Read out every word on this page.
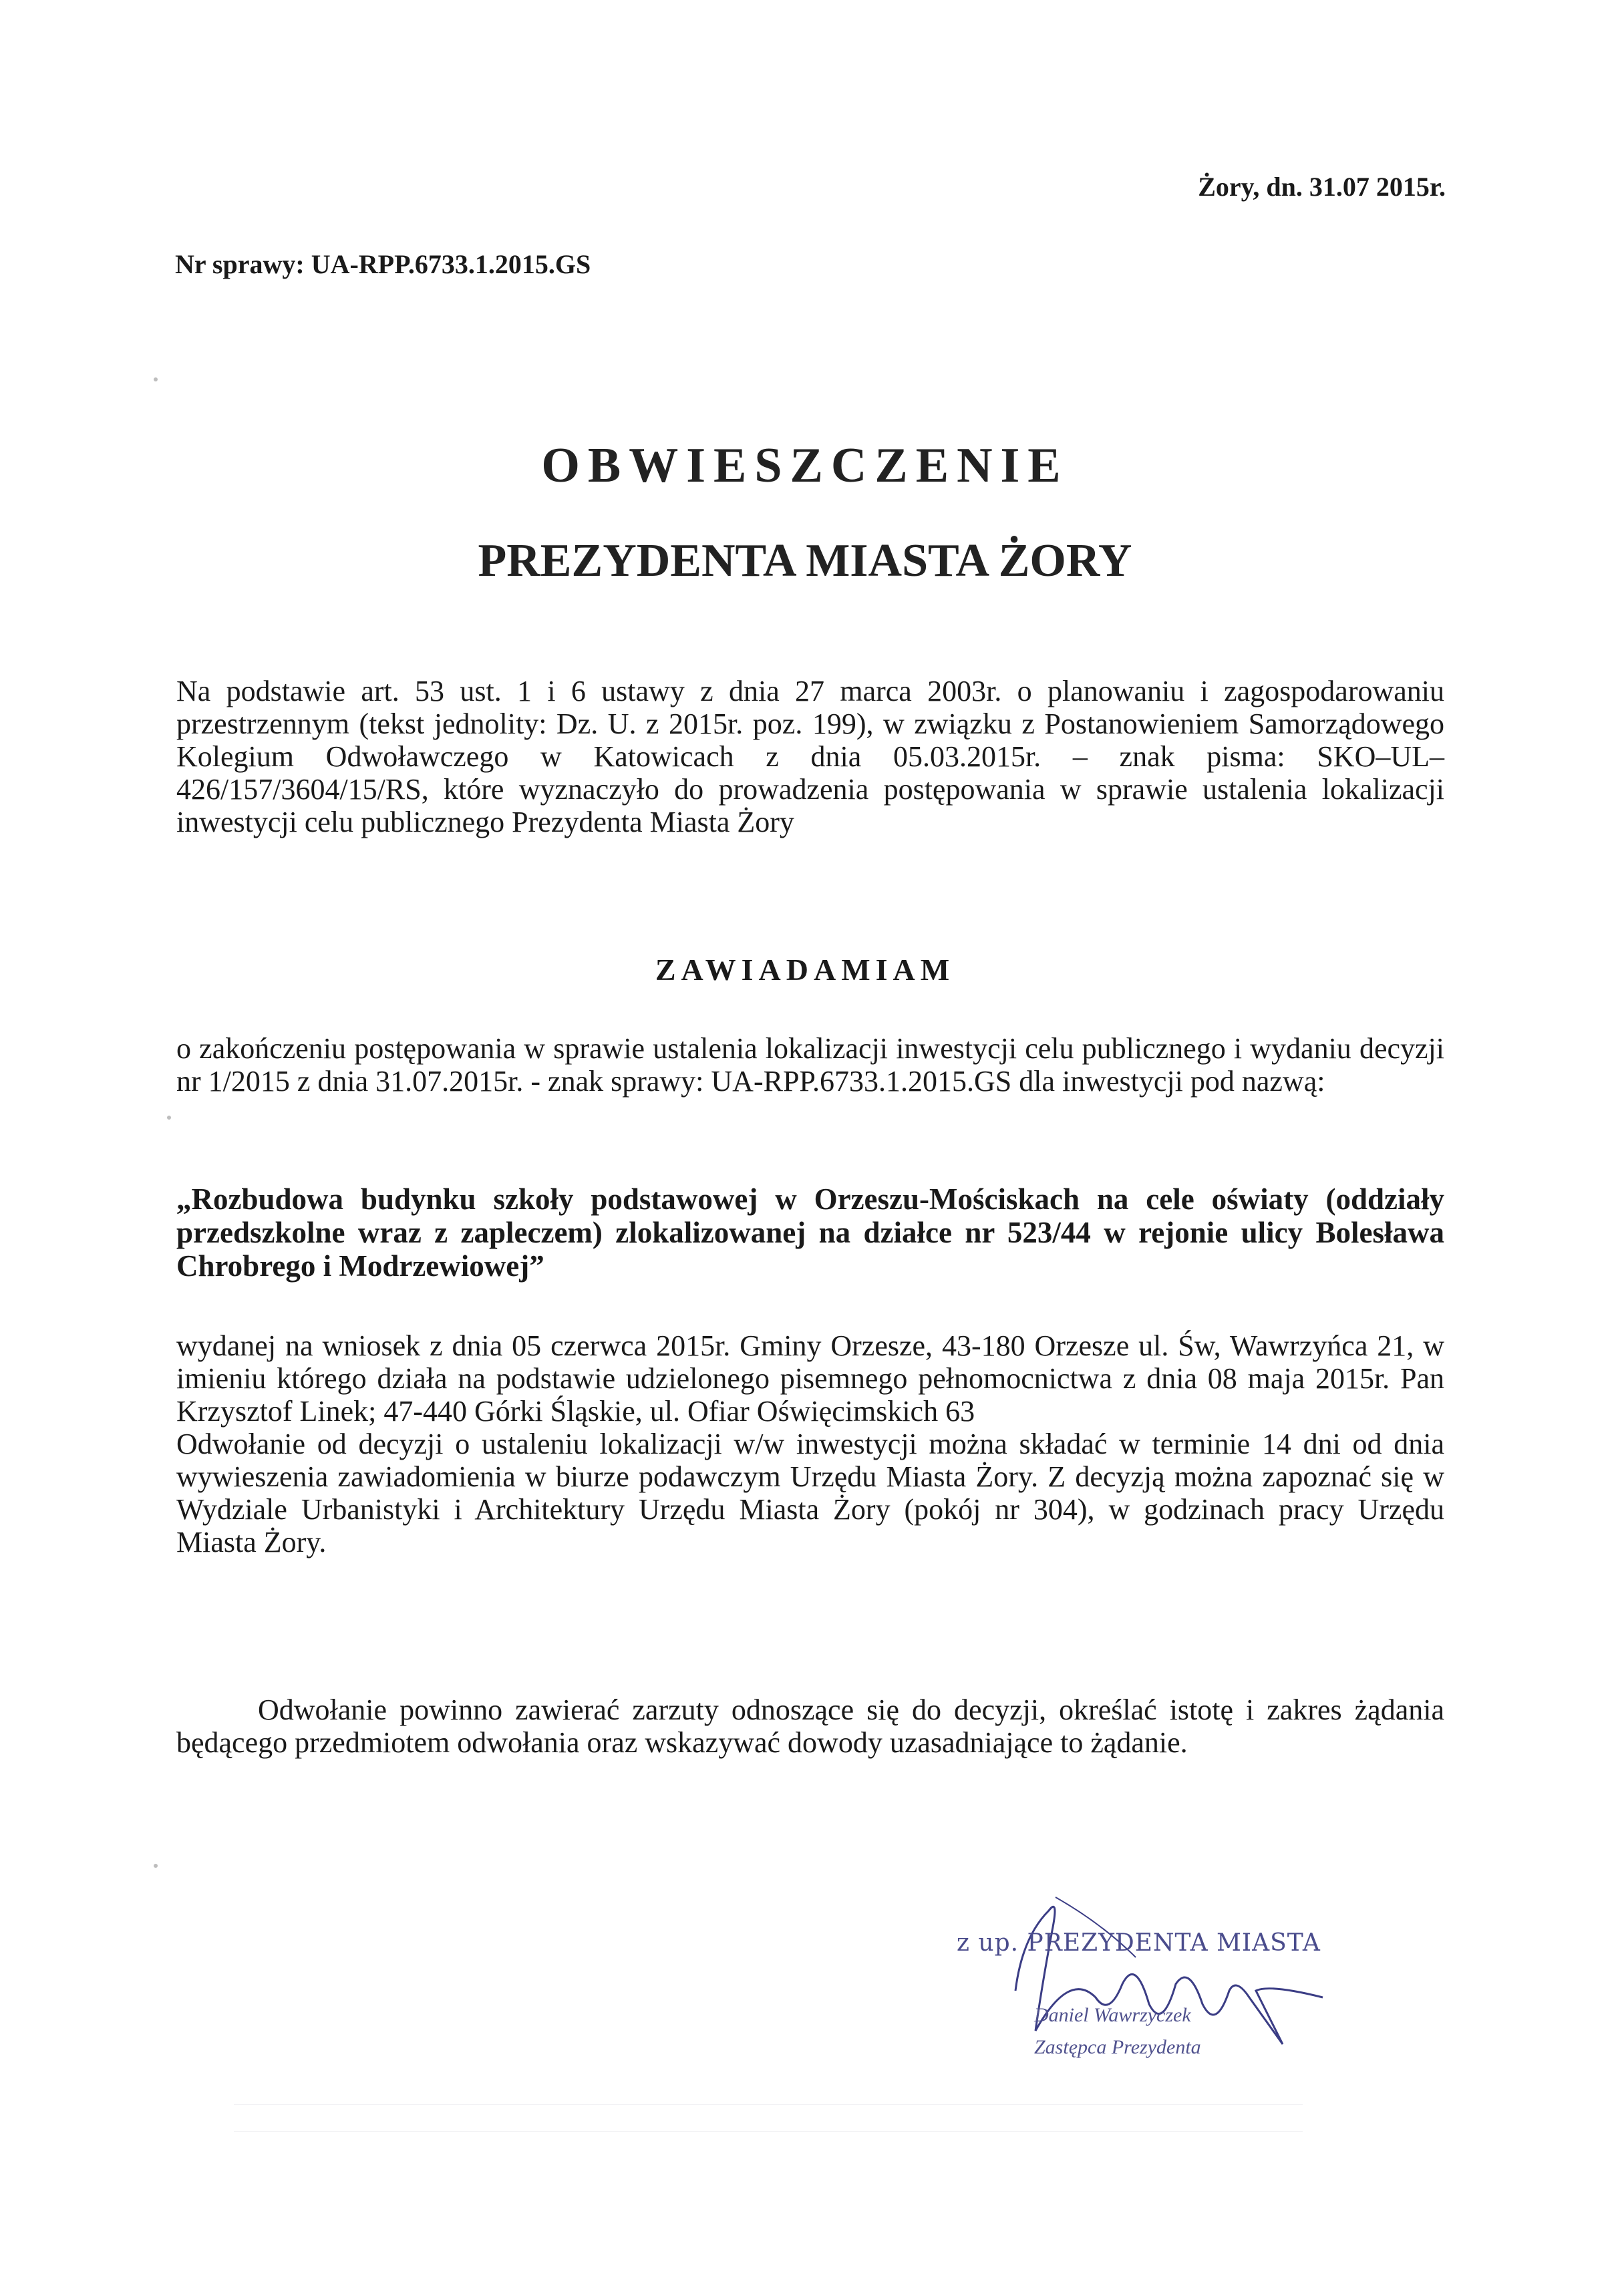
Żory, dn. 31.07 2015r.
Nr sprawy: UA-RPP.6733.1.2015.GS
OBWIESZCZENIE
PREZYDENTA MIASTA ŻORY
Na podstawie art. 53 ust. 1 i 6 ustawy z dnia 27 marca 2003r. o planowaniu i zagospodarowaniu przestrzennym (tekst jednolity: Dz. U. z 2015r. poz. 199), w związku z Postanowieniem Samorządowego Kolegium Odwoławczego w Katowicach z dnia 05.03.2015r. – znak pisma: SKO–UL–426/157/3604/15/RS, które wyznaczyło do prowadzenia postępowania w sprawie ustalenia lokalizacji inwestycji celu publicznego Prezydenta Miasta Żory
ZAWIADAMIAM
o zakończeniu postępowania w sprawie ustalenia lokalizacji inwestycji celu publicznego i wydaniu decyzji nr 1/2015 z dnia 31.07.2015r. - znak sprawy: UA-RPP.6733.1.2015.GS dla inwestycji pod nazwą:
„Rozbudowa budynku szkoły podstawowej w Orzeszu-Mościskach na cele oświaty (oddziały przedszkolne wraz z zapleczem) zlokalizowanej na działce nr 523/44 w rejonie ulicy Bolesława Chrobrego i Modrzewiowej”
wydanej na wniosek z dnia 05 czerwca 2015r. Gminy Orzesze, 43-180 Orzesze ul. Św, Wawrzyńca 21, w imieniu którego działa na podstawie udzielonego pisemnego pełnomocnictwa z dnia 08 maja 2015r. Pan Krzysztof Linek; 47-440 Górki Śląskie, ul. Ofiar Oświęcimskich 63
Odwołanie od decyzji o ustaleniu lokalizacji w/w inwestycji można składać w terminie 14 dni od dnia wywieszenia zawiadomienia w biurze podawczym Urzędu Miasta Żory. Z decyzją można zapoznać się w Wydziale Urbanistyki i Architektury Urzędu Miasta Żory (pokój nr 304), w godzinach pracy Urzędu Miasta Żory.
Odwołanie powinno zawierać zarzuty odnoszące się do decyzji, określać istotę i zakres żądania będącego przedmiotem odwołania oraz wskazywać dowody uzasadniające to żądanie.
z up. PREZYDENTA MIASTA
Daniel Wawrzyczek
Zastępca Prezydenta
